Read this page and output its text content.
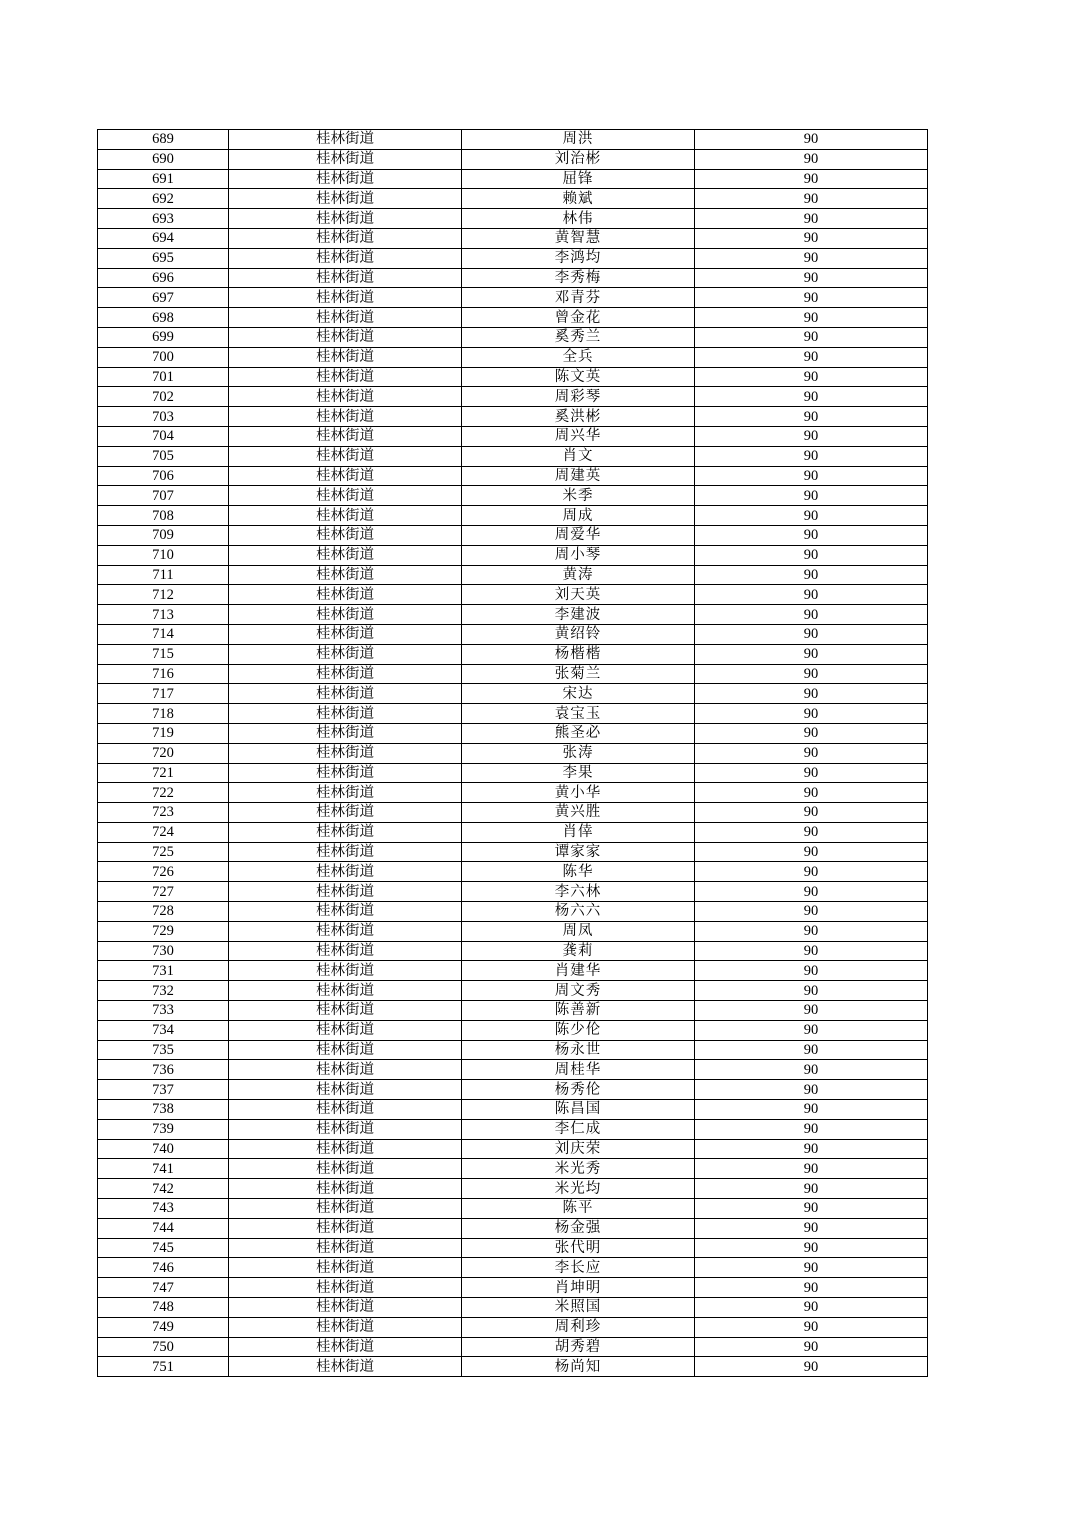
689	桂林街道	周洪	90
690	桂林街道	刘治彬	90
691	桂林街道	屈锋	90
692	桂林街道	赖斌	90
693	桂林街道	林伟	90
694	桂林街道	黄智慧	90
695	桂林街道	李鸿均	90
696	桂林街道	李秀梅	90
697	桂林街道	邓青芬	90
698	桂林街道	曾金花	90
699	桂林街道	奚秀兰	90
700	桂林街道	全兵	90
701	桂林街道	陈文英	90
702	桂林街道	周彩琴	90
703	桂林街道	奚洪彬	90
704	桂林街道	周兴华	90
705	桂林街道	肖文	90
706	桂林街道	周建英	90
707	桂林街道	米季	90
708	桂林街道	周成	90
709	桂林街道	周爱华	90
710	桂林街道	周小琴	90
711	桂林街道	黄涛	90
712	桂林街道	刘天英	90
713	桂林街道	李建波	90
714	桂林街道	黄绍铃	90
715	桂林街道	杨楷楷	90
716	桂林街道	张菊兰	90
717	桂林街道	宋达	90
718	桂林街道	袁宝玉	90
719	桂林街道	熊圣必	90
720	桂林街道	张涛	90
721	桂林街道	李果	90
722	桂林街道	黄小华	90
723	桂林街道	黄兴胜	90
724	桂林街道	肖倖	90
725	桂林街道	谭家家	90
726	桂林街道	陈华	90
727	桂林街道	李六林	90
728	桂林街道	杨六六	90
729	桂林街道	周凤	90
730	桂林街道	龚莉	90
731	桂林街道	肖建华	90
732	桂林街道	周文秀	90
733	桂林街道	陈善新	90
734	桂林街道	陈少伦	90
735	桂林街道	杨永世	90
736	桂林街道	周桂华	90
737	桂林街道	杨秀伦	90
738	桂林街道	陈昌国	90
739	桂林街道	李仁成	90
740	桂林街道	刘庆荣	90
741	桂林街道	米光秀	90
742	桂林街道	米光均	90
743	桂林街道	陈平	90
744	桂林街道	杨金强	90
745	桂林街道	张代明	90
746	桂林街道	李长应	90
747	桂林街道	肖坤明	90
748	桂林街道	米照国	90
749	桂林街道	周利珍	90
750	桂林街道	胡秀碧	90
751	桂林街道	杨尚知	90
